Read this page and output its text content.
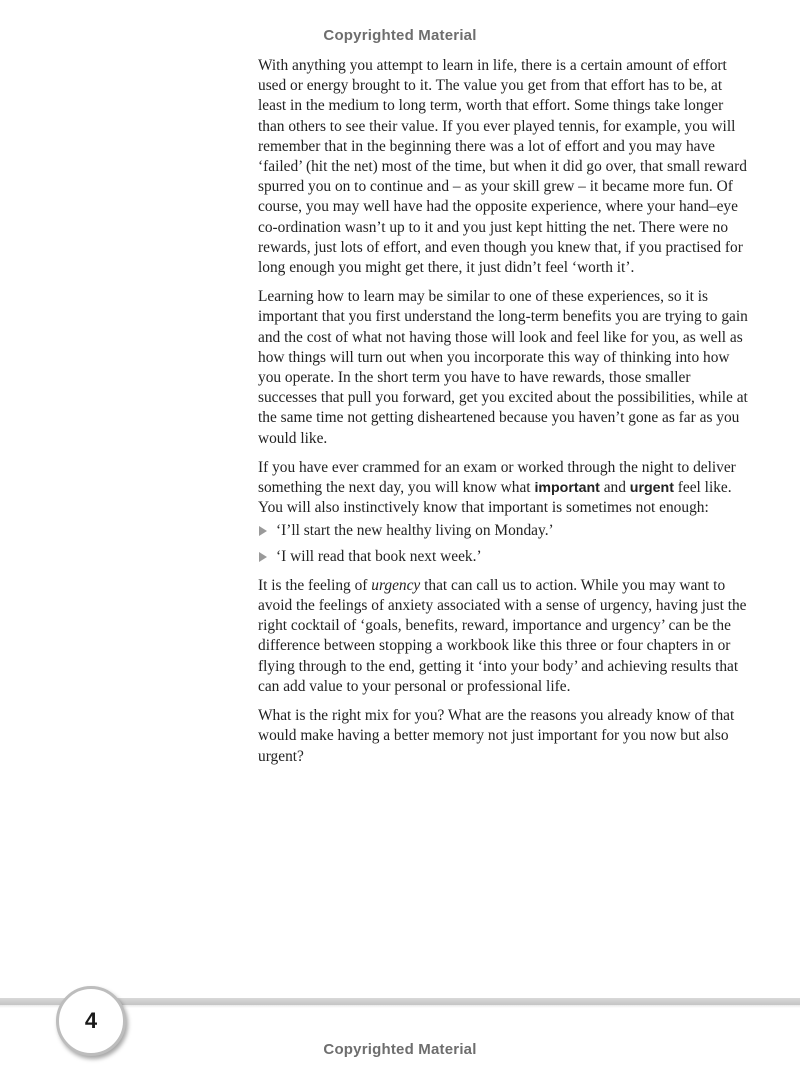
Copyrighted Material

With anything you attempt to learn in life, there is a certain amount of effort used or energy brought to it. The value you get from that effort has to be, at least in the medium to long term, worth that effort. Some things take longer than others to see their value. If you ever played tennis, for example, you will remember that in the beginning there was a lot of effort and you may have ‘failed’ (hit the net) most of the time, but when it did go over, that small reward spurred you on to continue and – as your skill grew – it became more fun. Of course, you may well have had the opposite experience, where your hand–eye co-ordination wasn’t up to it and you just kept hitting the net. There were no rewards, just lots of effort, and even though you knew that, if you practised for long enough you might get there, it just didn’t feel ‘worth it’.

Learning how to learn may be similar to one of these experiences, so it is important that you first understand the long-term benefits you are trying to gain and the cost of what not having those will look and feel like for you, as well as how things will turn out when you incorporate this way of thinking into how you operate. In the short term you have to have rewards, those smaller successes that pull you forward, get you excited about the possibilities, while at the same time not getting disheartened because you haven’t gone as far as you would like.

If you have ever crammed for an exam or worked through the night to deliver something the next day, you will know what important and urgent feel like. You will also instinctively know that important is sometimes not enough:

‘I’ll start the new healthy living on Monday.’
‘I will read that book next week.’

It is the feeling of urgency that can call us to action. While you may want to avoid the feelings of anxiety associated with a sense of urgency, having just the right cocktail of ‘goals, benefits, reward, importance and urgency’ can be the difference between stopping a workbook like this three or four chapters in or flying through to the end, getting it ‘into your body’ and achieving results that can add value to your personal or professional life.

What is the right mix for you? What are the reasons you already know of that would make having a better memory not just important for you now but also urgent?

4
Copyrighted Material
